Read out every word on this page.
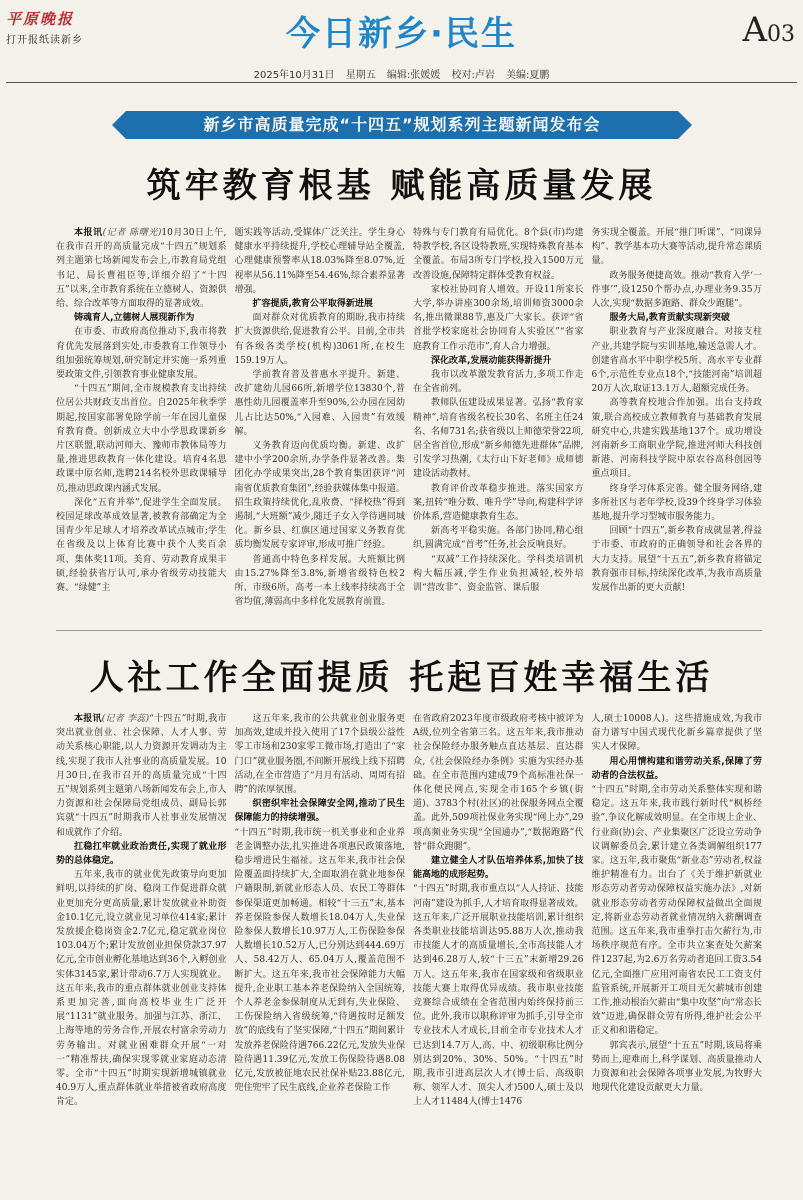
平原晚报
打开报纸读新乡	今日新乡·民生	A03
2025年10月31日 星期五 编辑:张媛媛 校对:卢岩 美编:夏鹏
新乡市高质量完成“十四五”规划系列主题新闻发布会
筑牢教育根基 赋能高质量发展

本报讯(记者 陈曙光)10月30日上午,在我市召开的高质量完成“十四五”规划系列主题第七场新闻发布会上,市教育局党组书记、局长曹祖臣等,详细介绍了“十四五”以来,全市教育系统在立德树人、资源供给、综合改革等方面取得的显著成效。

铸魂育人,立德树人展现新作为

在市委、市政府高位推动下,我市将教育优先发展落到实处,市委教育工作领导小组加强统筹规划,研究制定并实施一系列重要政策文件,引领教育事业健康发展。

“十四五”期间,全市规模教育支出持续位居公共财政支出首位。自2025年秋季学期起,按国家部署免除学前一年在园儿童保育教育费。创新成立大中小学思政课新乡片区联盟,联动河师大、豫师市教体局等力量,推进思政教育一体化建设。培育4名思政课中原名师,选聘214名校外思政课辅导员,推动思政课内涵式发展。

深化“五育并举”,促进学生全面发展。校园足球改革成效显著,被教育部确定为全国青少年足球人才培养改革试点城市;学生在省级及以上体育比赛中获个人奖百余项、集体奖11项。美育、劳动教育成果丰硕,经验获省厅认可,承办省级劳动技能大赛、“绿健”主

题实践等活动,受媒体广泛关注。学生身心健康水平持续提升,学校心理辅导站全覆盖,心理健康预警率从18.03%降至8.07%,近视率从56.11%降至54.46%,综合素养显著增强。

扩容提质,教育公平取得新进展

面对群众对优质教育的期盼,我市持续扩大资源供给,促进教育公平。目前,全市共有各级各类学校(机构)3061所,在校生159.19万人。

学前教育普及普惠水平提升。新建、改扩建幼儿园66所,新增学位13830个,普惠性幼儿园覆盖率升至90%,公办园在园幼儿占比达50%,“入园难、入园贵”有效缓解。

义务教育迈向优质均衡。新建、改扩建中小学200余所,办学条件显著改善。集团化办学成果突出,28个教育集团获评“河南省优质教育集团”,经验获媒体集中报道。招生政策持续优化,乱收费、“择校热”得到遏制,“大班额”减少,随迁子女入学待遇同城化。新乡县、红旗区通过国家义务教育优质均衡发展专家评审,形成可推广经验。

普通高中特色多样发展。大班额比例由15.27%降至3.8%,新增省级特色校2所、市级6所。高考一本上线率持续高于全省均值,薄弱高中多样化发展教育前置。

特殊与专门教育有局优化。8个县(市)均建特教学校,各区设特教班,实现特殊教育基本全覆盖。布局3所专门学校,投入1500万元改善设施,保障特定群体受教育权益。

家校社协同育人增效。开设11所家长大学,举办讲座300余场,培训师资3000余名,推出微课88节,惠及广大家长。获评“省首批学校家庭社会协同育人实验区”“省家庭教育工作示范市”,育人合力增强。

深化改革,发展动能获得新提升

我市以改革激发教育活力,多项工作走在全省前列。

教师队伍建设成果显著。弘扬“教育家精神”,培育省级名校长30名、名班主任24名、名师731名;获省级以上师德荣誉22项,居全省首位,形成“新乡师德先进群体”品牌,引发学习热潮,《太行山下好老师》成师德建设活动教材。

教育评价改革稳步推进。落实国家方案,扭转“唯分数、唯升学”导向,构建科学评价体系,营造健康教育生态。

新高考平稳实施。各部门协同,精心组织,圆满完成“首考”任务,社会反响良好。

“双减”工作持续深化。学科类培训机构大幅压减,学生作业负担减轻,校外培训“营改非”、资金监管、课后服

务实现全覆盖。开展“推门听课”、“同课异构”、教学基本功大赛等活动,提升常态课质量。

政务服务便捷高效。推动“教育入学‘一件事’”,设1250个帮办点,办理业务9.35万人次,实现“数据多跑路、群众少跑腿”。

服务大局,教育贡献实现新突破

职业教育与产业深度融合。对接支柱产业,共建学院与实训基地,输送急需人才。创建省高水平中职学校5所、高水平专业群6个,示范性专业点18个,“技能河南”培训超20万人次,取证13.1万人,超额完成任务。

高等教育校地合作加强。出台支持政策,联合高校成立教师教育与基础教育发展研究中心,共建实践基地137个。成功增设河南新乡工商职业学院,推进河师大科技创新港、河南科技学院中原农谷高科创园等重点项目。

终身学习体系完善。健全服务网络,建多所社区与老年学校,设39个终身学习体验基地,提升学习型城市服务能力。

回顾“十四五”,新乡教育成就显著,得益于市委、市政府的正确领导和社会各界的大力支持。展望“十五五”,新乡教育将锚定教育强市目标,持续深化改革,为我市高质量发展作出新的更大贡献!

人社工作全面提质 托起百姓幸福生活

本报讯(记者 李蕊)“十四五”时期,我市突出就业创业、社会保障、人才人事、劳动关系核心职能,以人力资源开发调动为主线,实现了我市人社事业的高质量发展。10月30日,在我市召开的高质量完成“十四五”规划系列主题第八场新闻发布会上,市人力资源和社会保障局党组成员、副局长郭宾就“十四五”时期我市人社事业发展情况和成就作了介绍。

扛稳扛牢就业政治责任,实现了就业形势的总体稳定。

五年来,我市的就业优先政策导向更加鲜明,以持续的扩岗、稳岗工作促进群众就业更加充分更高质量,累计发放就业补助资金10.1亿元,设立就业见习单位414家;累计发放援企稳岗资金2.7亿元,稳定就业岗位103.04万个;累计发放创业担保贷款37.97亿元,全市创业孵化基地达到36个,入孵创业实体3145家,累计带动6.7万人实现就业。这五年来,我市的重点群体就业创业支持体系更加完善,面向高校毕业生广泛开展“1131”就业服务。加强与江苏、浙江、上海等地的劳务合作,开展农村富余劳动力劳务输出。对就业困难群众开展“一对一”精准帮扶,确保实现零就业家庭动态清零。全市“十四五”时期实现新增城镇就业40.9万人,重点群体就业举措被省政府高度肯定。

这五年来,我市的公共就业创业服务更加高效,建成并投入使用了17个县级公益性零工市场和230家零工微市场,打造出了“家门口”就业服务圈,不间断开展线上线下招聘活动,在全市营造了“月月有活动、周周有招聘”的浓厚氛围。

织密织牢社会保障安全网,推动了民生保障能力的持续增强。

“十四五”时期,我市统一机关事业和企业养老金调整办法,扎实推进各项惠民政策落地,稳步增进民生福祉。这五年来,我市社会保险覆盖面持续扩大,全面取消在就业地参保户籍限制,新就业形态人员、农民工等群体参保渠道更加畅通。相较“十三五”末,基本养老保险参保人数增长18.04万人,失业保险参保人数增长10.97万人,工伤保险参保人数增长10.52万人,已分别达到444.69万人、58.42万人、65.04万人,覆盖范围不断扩大。这五年来,我市社会保障能力大幅提升,企业职工基本养老保险纳入全国统筹,个人养老金参保制度从无到有,失业保险、工伤保险纳入省级统筹,“待遇按时足额发放”的底线有了坚实保障,“十四五”期间累计发放养老保险待遇766.22亿元,发放失业保险待遇11.39亿元,发放工伤保险待遇8.08亿元,发放被征地农民社保补贴23.88亿元,兜住兜牢了民生底线,企业养老保险工作

在省政府2023年度市级政府考核中被评为A级,位列全省第三名。这五年来,我市推动社会保险经办服务触点直达基层、直达群众,《社会保险经办条例》实施为实经办基础。在全市范围内建成79个高标准社保一体化便民网点,实现全市165个乡镇(街道)、3783个村(社区)的社保服务网点全覆盖。此外,509项社保业务实现“网上办”,29项高频业务实现“全国通办”,“数据跑路”代替“群众跑腿”。

建立健全人才队伍培养体系,加快了技能高地的成形起势。

“十四五”时期,我市重点以“人人持证、技能河南”建设为抓手,人才培育取得显著成效。这五年来,广泛开展职业技能培训,累计组织各类职业技能培训达95.88万人次,推动我市技能人才的高质量增长,全市高技能人才达到46.28万人,较“十三五”末新增29.26万人。这五年来,我市在国家级和省级职业技能大赛上取得优异成绩。我市职业技能竞赛综合成绩在全省范围内始终保持前三位。此外,我市以职称评审为抓手,引导全市专业技术人才成长,目前全市专业技术人才已达到14.7万人,高、中、初级职称比例分别达到20%、30%、50%。“十四五”时期,我市引进高层次人才(博士后、高级职称、领军人才、顶尖人才)500人,硕士及以上人才11484人(博士1476

人,硕士10008人)。这些措施成效,为我市奋力谱写中国式现代化新乡篇章提供了坚实人才保障。

用心用情构建和谐劳动关系,保障了劳动者的合法权益。

“十四五”时期,全市劳动关系整体实现和谐稳定。这五年来,我市践行新时代“枫桥经验”,争议化解成效明显。在全市规上企业、行业商(协)会、产业集聚区广泛设立劳动争议调解委员会,累计建立各类调解组织177家。这五年,我市聚焦“新业态”劳动者,权益维护精准有力。出台了《关于维护新就业形态劳动者劳动保障权益实施办法》,对新就业形态劳动者劳动保障权益做出全面规定,将新业态劳动者就业情况纳入薪酬调查范围。这五年来,我市重拳打击欠薪行为,市场秩序规范有序。全市共立案查处欠薪案件1237起,为2.6万名劳动者追回工资3.54亿元,全面推广应用河南省农民工工资支付监管系统,开展新开工项目无欠薪城市创建工作,推动根治欠薪由“集中攻坚”向“常态长效”迈进,确保群众劳有所得,维护社会公平正义和和谐稳定。

郭宾表示,展望“十五五”时期,该局将乘势而上,迎难而上,科学谋划、高质量推动人力资源和社会保障各项事业发展,为牧野大地现代化建设贡献更大力量。
